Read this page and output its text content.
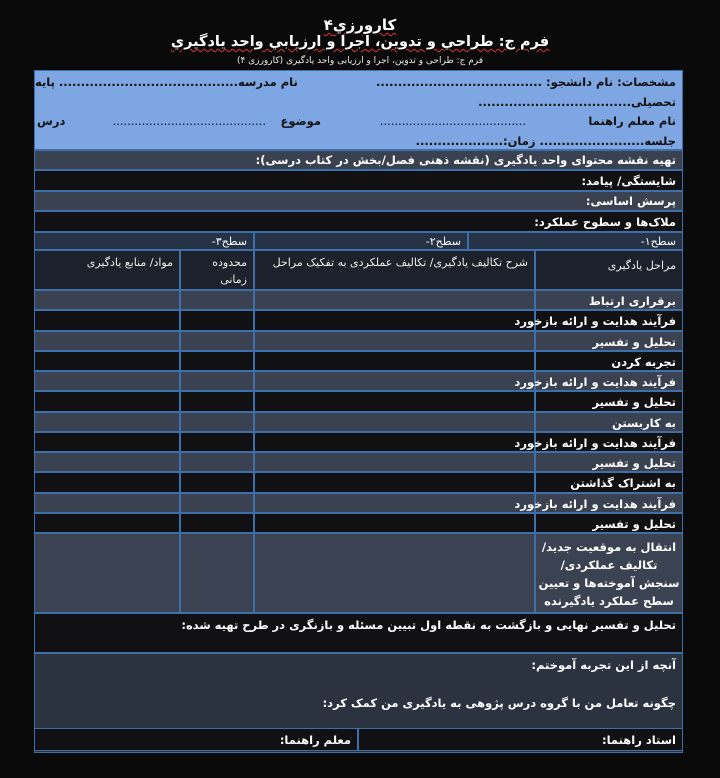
کارورزي۴
فرم ج: طراحي و تدوين، اجرا و ارزيابي واحد يادگيري
فرم ج: طراحی و تدوین، اجرا و ارزیابی واحد یادگیری (کارورزی ۴)
مشخصات: نام دانشجو: ......................................
نام مدرسه......................................... پایه
تحصیلی...................................
نام معلم راهنما
........................................
موضوع
..........................................
درس
جلسه........................ زمان:....................
تهیه نقشه محتوای واحد یادگیری (نقشه ذهنی فصل/بخش در کتاب درسی):
شایستگی/ پیامد:
پرسش اساسی:
ملاک‌ها و سطوح عملکرد:
سطح۱-
سطح۲-
سطح۳-
مراحل یادگیری
شرح تکالیف یادگیری/ تکالیف عملکردی به تفکیک مراحل
محدوده زمانی
مواد/ منابع یادگیری
برقراری ارتباط
فرآیند هدایت و ارائه بازخورد
تحلیل و تفسیر
تجربه کردن
فرآیند هدایت و ارائه بازخورد
تحلیل و تفسیر
به کاربستن
فرآیند هدایت و ارائه بازخورد
تحلیل و تفسیر
به اشتراک گذاشتن
فرآیند هدایت و ارائه بازخورد
تحلیل و تفسیر
انتقال به موقعیت جدید/
تکالیف عملکردی/
سنجش آموخته‌ها و تعیین
سطح عملکرد یادگیرنده
تحلیل و تفسیر نهایی و بازگشت به نقطه اول تبیین مسئله و بازنگری در طرح تهیه شده:
آنچه از این تجربه آموختم:
چگونه تعامل من با گروه درس پژوهی به یادگیری من کمک کرد:
استاد راهنما:
معلم راهنما:
